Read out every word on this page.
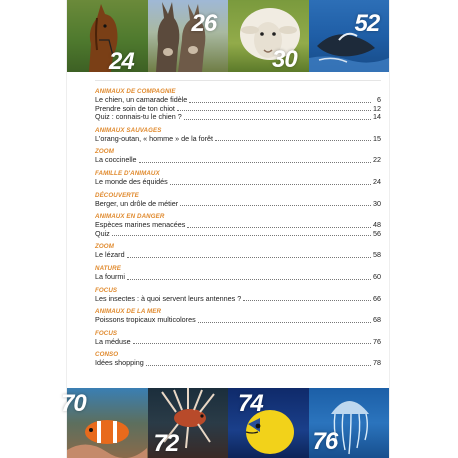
24
26
30
52
ANIMAUX DE COMPAGNIE
Le chien, un camarade fidèle	6
Prendre soin de ton chiot	12
Quiz : connais-tu le chien ?	14
ANIMAUX SAUVAGES
L'orang-outan, « homme » de la forêt	15
ZOOM
La coccinelle	22
FAMILLE D'ANIMAUX
Le monde des équidés	24
DÉCOUVERTE
Berger, un drôle de métier	30
ANIMAUX EN DANGER
Espèces marines menacées	48
Quiz	56
ZOOM
Le lézard	58
NATURE
La fourmi	60
FOCUS
Les insectes : à quoi servent leurs antennes ?	66
ANIMAUX DE LA MER
Poissons tropicaux multicolores	68
FOCUS
La méduse	76
CONSO
Idées shopping	78
70
72
74
76
